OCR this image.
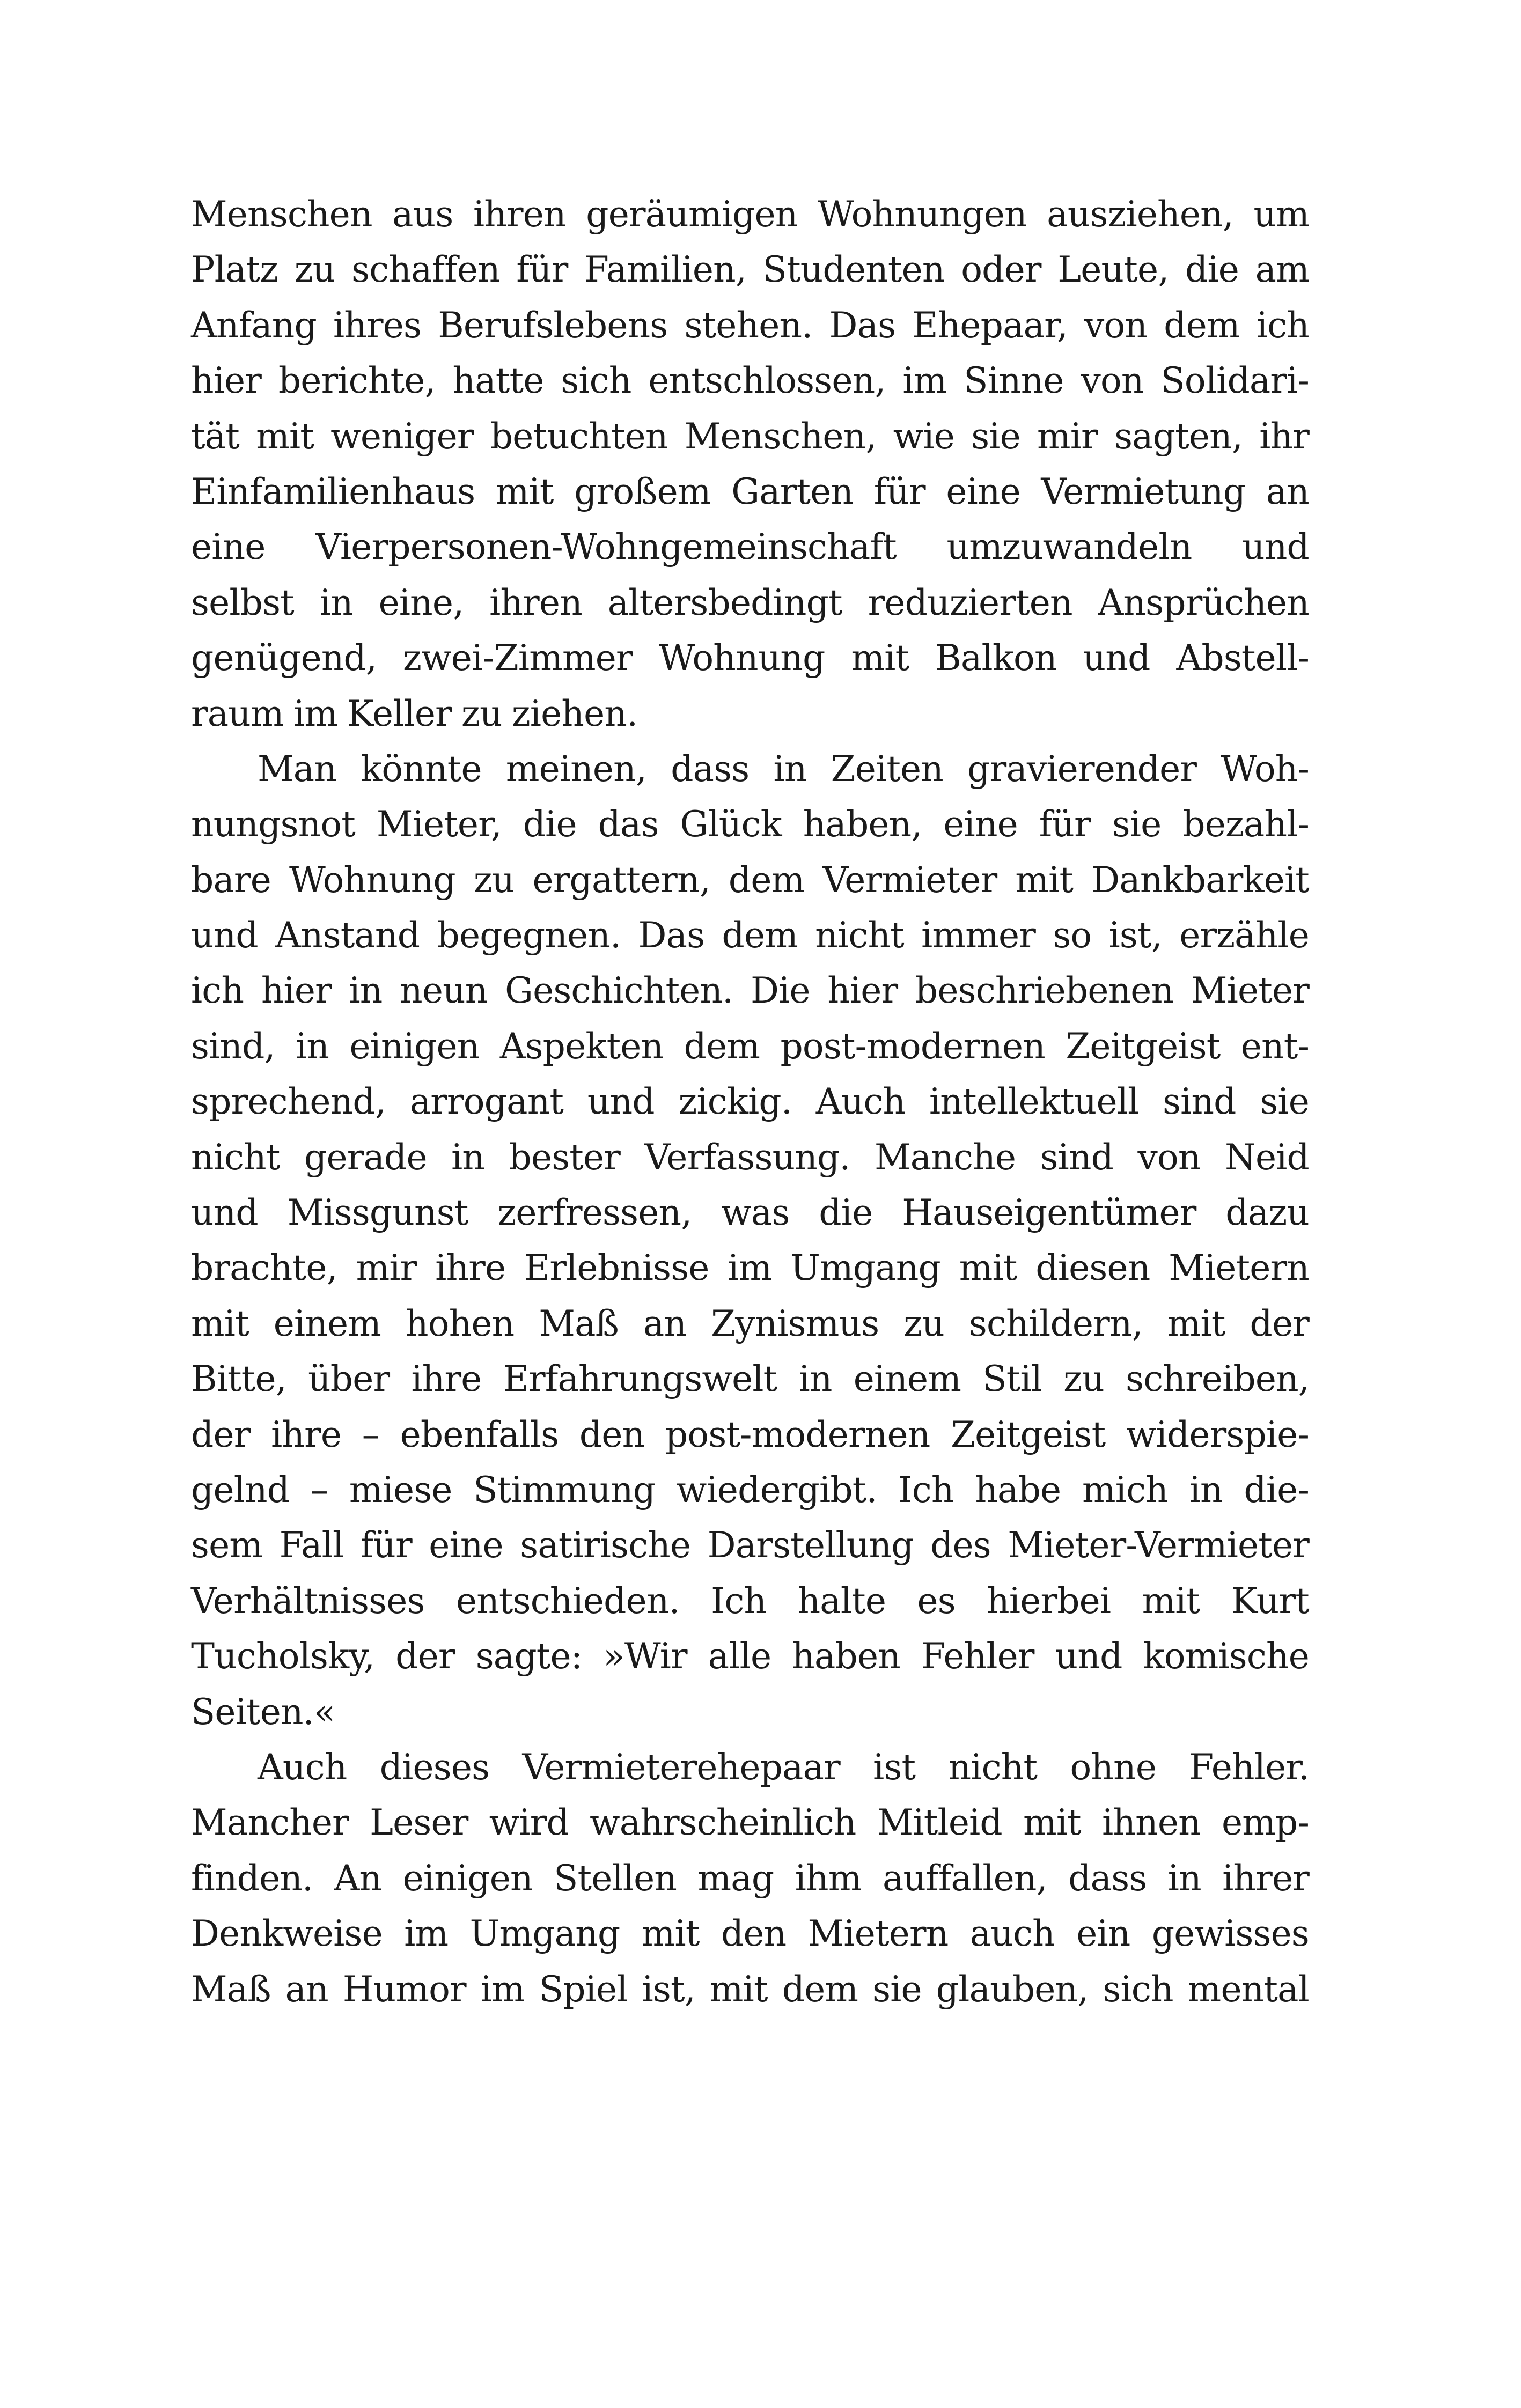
Menschen aus ihren geräumigen Wohnungen ausziehen, um
Platz zu schaffen für Familien, Studenten oder Leute, die am
Anfang ihres Berufslebens stehen. Das Ehepaar, von dem ich
hier berichte, hatte sich entschlossen, im Sinne von Solidari-
tät mit weniger betuchten Menschen, wie sie mir sagten, ihr
Einfamilienhaus mit großem Garten für eine Vermietung an
eine Vierpersonen-Wohngemeinschaft umzuwandeln und
selbst in eine, ihren altersbedingt reduzierten Ansprüchen
genügend, zwei-Zimmer Wohnung mit Balkon und Abstell-
raum im Keller zu ziehen.
Man könnte meinen, dass in Zeiten gravierender Woh-
nungsnot Mieter, die das Glück haben, eine für sie bezahl-
bare Wohnung zu ergattern, dem Vermieter mit Dankbarkeit
und Anstand begegnen. Das dem nicht immer so ist, erzähle
ich hier in neun Geschichten. Die hier beschriebenen Mieter
sind, in einigen Aspekten dem post-modernen Zeitgeist ent-
sprechend, arrogant und zickig. Auch intellektuell sind sie
nicht gerade in bester Verfassung. Manche sind von Neid
und Missgunst zerfressen, was die Hauseigentümer dazu
brachte, mir ihre Erlebnisse im Umgang mit diesen Mietern
mit einem hohen Maß an Zynismus zu schildern, mit der
Bitte, über ihre Erfahrungswelt in einem Stil zu schreiben,
der ihre – ebenfalls den post-modernen Zeitgeist widerspie-
gelnd – miese Stimmung wiedergibt. Ich habe mich in die-
sem Fall für eine satirische Darstellung des Mieter-Vermieter
Verhältnisses entschieden. Ich halte es hierbei mit Kurt
Tucholsky, der sagte: »Wir alle haben Fehler und komische
Seiten.«
Auch dieses Vermieterehepaar ist nicht ohne Fehler.
Mancher Leser wird wahrscheinlich Mitleid mit ihnen emp-
finden. An einigen Stellen mag ihm auffallen, dass in ihrer
Denkweise im Umgang mit den Mietern auch ein gewisses
Maß an Humor im Spiel ist, mit dem sie glauben, sich mental
